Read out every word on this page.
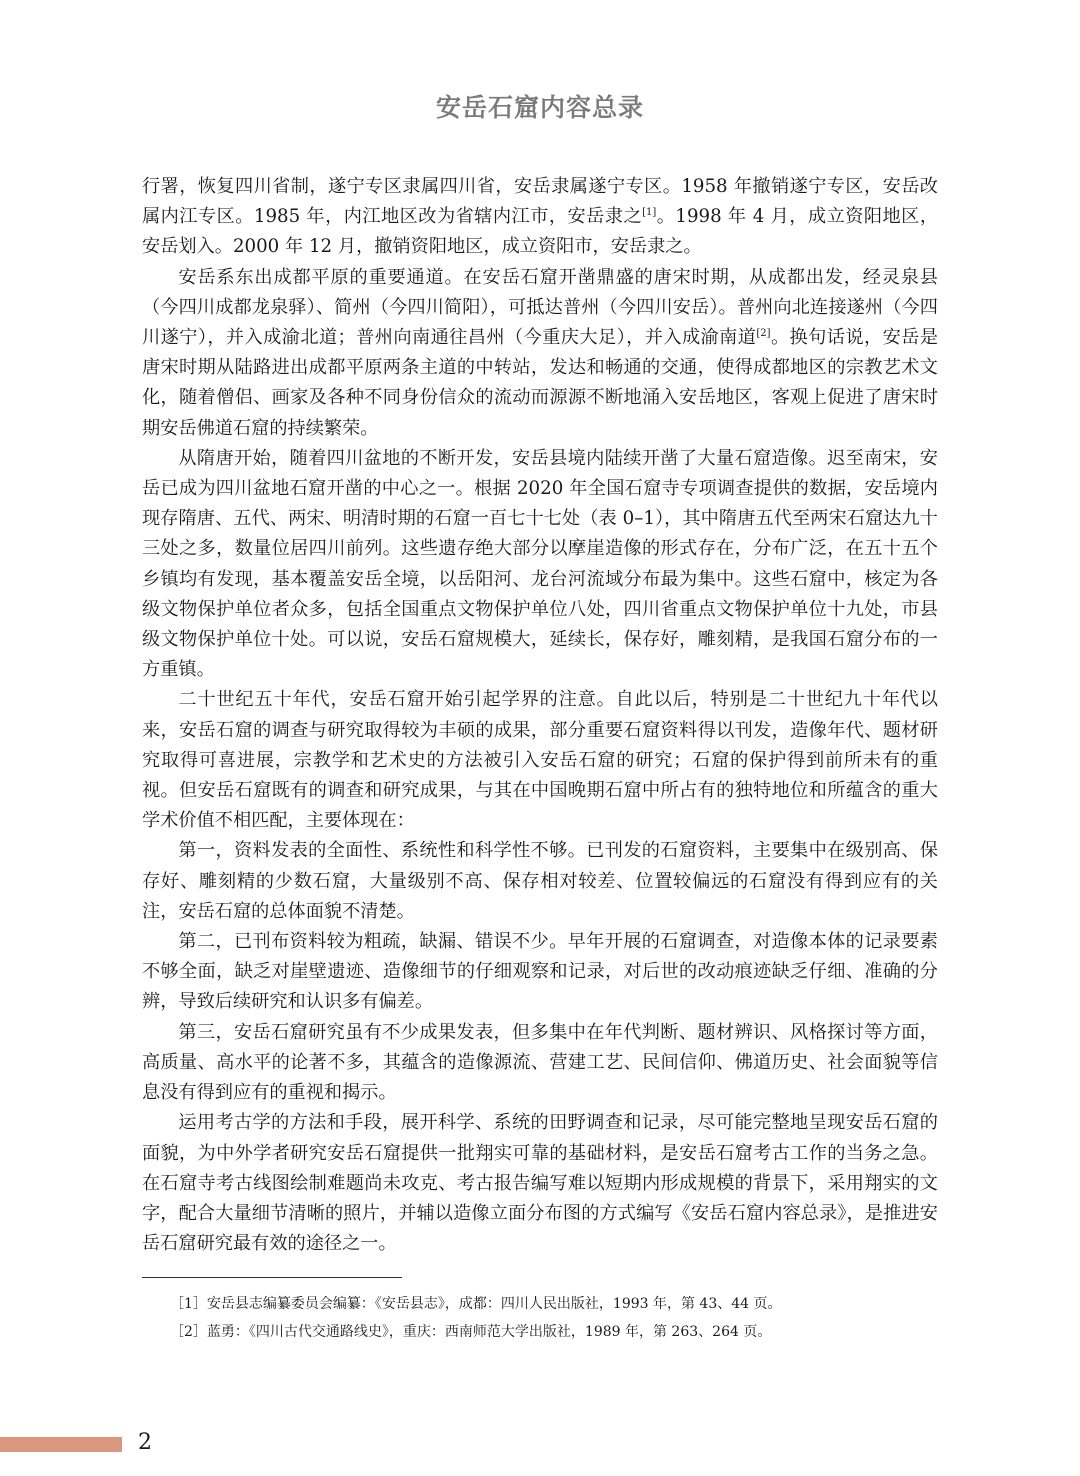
安岳石窟内容总录

行署，恢复四川省制，遂宁专区隶属四川省，安岳隶属遂宁专区。1958 年撤销遂宁专区，安岳改属内江专区。1985 年，内江地区改为省辖内江市，安岳隶之[1]。1998 年 4 月，成立资阳地区，安岳划入。2000 年 12 月，撤销资阳地区，成立资阳市，安岳隶之。

安岳系东出成都平原的重要通道。在安岳石窟开凿鼎盛的唐宋时期，从成都出发，经灵泉县（今四川成都龙泉驿）、简州（今四川简阳），可抵达普州（今四川安岳）。普州向北连接遂州（今四川遂宁），并入成渝北道；普州向南通往昌州（今重庆大足），并入成渝南道[2]。换句话说，安岳是唐宋时期从陆路进出成都平原两条主道的中转站，发达和畅通的交通，使得成都地区的宗教艺术文化，随着僧侣、画家及各种不同身份信众的流动而源源不断地涌入安岳地区，客观上促进了唐宋时期安岳佛道石窟的持续繁荣。

从隋唐开始，随着四川盆地的不断开发，安岳县境内陆续开凿了大量石窟造像。迟至南宋，安岳已成为四川盆地石窟开凿的中心之一。根据 2020 年全国石窟寺专项调查提供的数据，安岳境内现存隋唐、五代、两宋、明清时期的石窟一百七十七处（表 0–1），其中隋唐五代至两宋石窟达九十三处之多，数量位居四川前列。这些遗存绝大部分以摩崖造像的形式存在，分布广泛，在五十五个乡镇均有发现，基本覆盖安岳全境，以岳阳河、龙台河流域分布最为集中。这些石窟中，核定为各级文物保护单位者众多，包括全国重点文物保护单位八处，四川省重点文物保护单位十九处，市县级文物保护单位十处。可以说，安岳石窟规模大，延续长，保存好，雕刻精，是我国石窟分布的一方重镇。

二十世纪五十年代，安岳石窟开始引起学界的注意。自此以后，特别是二十世纪九十年代以来，安岳石窟的调查与研究取得较为丰硕的成果，部分重要石窟资料得以刊发，造像年代、题材研究取得可喜进展，宗教学和艺术史的方法被引入安岳石窟的研究；石窟的保护得到前所未有的重视。但安岳石窟既有的调查和研究成果，与其在中国晚期石窟中所占有的独特地位和所蕴含的重大学术价值不相匹配，主要体现在：

第一，资料发表的全面性、系统性和科学性不够。已刊发的石窟资料，主要集中在级别高、保存好、雕刻精的少数石窟，大量级别不高、保存相对较差、位置较偏远的石窟没有得到应有的关注，安岳石窟的总体面貌不清楚。

第二，已刊布资料较为粗疏，缺漏、错误不少。早年开展的石窟调查，对造像本体的记录要素不够全面，缺乏对崖壁遗迹、造像细节的仔细观察和记录，对后世的改动痕迹缺乏仔细、准确的分辨，导致后续研究和认识多有偏差。

第三，安岳石窟研究虽有不少成果发表，但多集中在年代判断、题材辨识、风格探讨等方面，高质量、高水平的论著不多，其蕴含的造像源流、营建工艺、民间信仰、佛道历史、社会面貌等信息没有得到应有的重视和揭示。

运用考古学的方法和手段，展开科学、系统的田野调查和记录，尽可能完整地呈现安岳石窟的面貌，为中外学者研究安岳石窟提供一批翔实可靠的基础材料，是安岳石窟考古工作的当务之急。在石窟寺考古线图绘制难题尚未攻克、考古报告编写难以短期内形成规模的背景下，采用翔实的文字，配合大量细节清晰的照片，并辅以造像立面分布图的方式编写《安岳石窟内容总录》，是推进安岳石窟研究最有效的途径之一。

［1］安岳县志编纂委员会编纂：《安岳县志》，成都：四川人民出版社，1993 年，第 43、44 页。
［2］蓝勇：《四川古代交通路线史》，重庆：西南师范大学出版社，1989 年，第 263、264 页。
2
